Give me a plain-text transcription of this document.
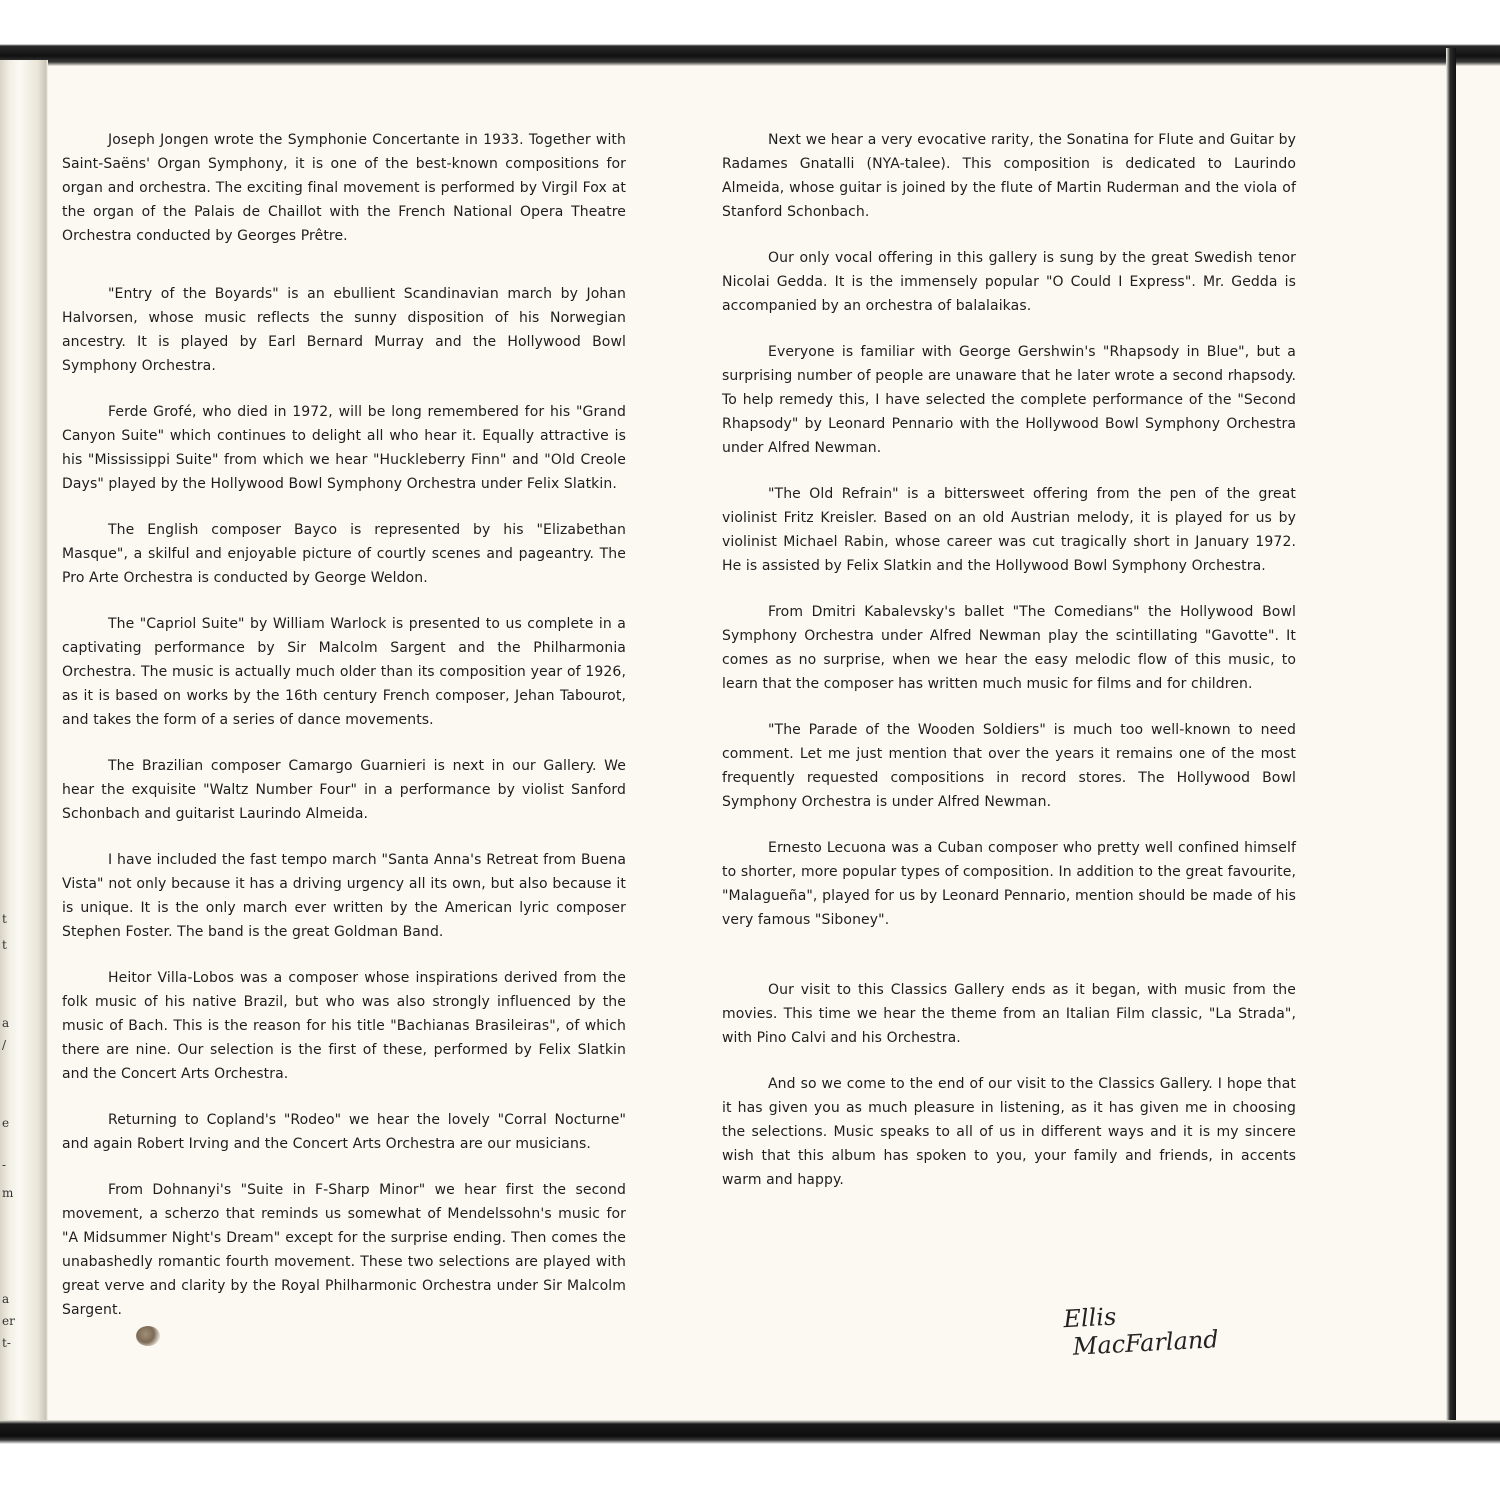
t
t
a
/
e
-
m
a
er
t-

Joseph Jongen wrote the Symphonie Concertante in 1933. Together with Saint-Saëns' Organ Symphony, it is one of the best-known compositions for organ and orchestra. The exciting final movement is performed by Virgil Fox at the organ of the Palais de Chaillot with the French National Opera Theatre Orchestra conducted by Georges Prêtre.

"Entry of the Boyards" is an ebullient Scandinavian march by Johan Halvorsen, whose music reflects the sunny disposition of his Norwegian ancestry. It is played by Earl Bernard Murray and the Hollywood Bowl Symphony Orchestra.

Ferde Grofé, who died in 1972, will be long remembered for his "Grand Canyon Suite" which continues to delight all who hear it. Equally attractive is his "Mississippi Suite" from which we hear "Huckleberry Finn" and "Old Creole Days" played by the Hollywood Bowl Symphony Orchestra under Felix Slatkin.

The English composer Bayco is represented by his "Elizabethan Masque", a skilful and enjoyable picture of courtly scenes and pageantry. The Pro Arte Orchestra is conducted by George Weldon.

The "Capriol Suite" by William Warlock is presented to us complete in a captivating performance by Sir Malcolm Sargent and the Philharmonia Orchestra. The music is actually much older than its composition year of 1926, as it is based on works by the 16th century French composer, Jehan Tabourot, and takes the form of a series of dance movements.

The Brazilian composer Camargo Guarnieri is next in our Gallery. We hear the exquisite "Waltz Number Four" in a performance by violist Sanford Schonbach and guitarist Laurindo Almeida.

I have included the fast tempo march "Santa Anna's Retreat from Buena Vista" not only because it has a driving urgency all its own, but also because it is unique. It is the only march ever written by the American lyric composer Stephen Foster. The band is the great Goldman Band.

Heitor Villa-Lobos was a composer whose inspirations derived from the folk music of his native Brazil, but who was also strongly influenced by the music of Bach. This is the reason for his title "Bachianas Brasileiras", of which there are nine. Our selection is the first of these, performed by Felix Slatkin and the Concert Arts Orchestra.

Returning to Copland's "Rodeo" we hear the lovely "Corral Nocturne" and again Robert Irving and the Concert Arts Orchestra are our musicians.

From Dohnanyi's "Suite in F-Sharp Minor" we hear first the second movement, a scherzo that reminds us somewhat of Mendelssohn's music for "A Midsummer Night's Dream" except for the surprise ending. Then comes the unabashedly romantic fourth movement. These two selections are played with great verve and clarity by the Royal Philharmonic Orchestra under Sir Malcolm Sargent.

Next we hear a very evocative rarity, the Sonatina for Flute and Guitar by Radames Gnatalli (NYA-talee). This composition is dedicated to Laurindo Almeida, whose guitar is joined by the flute of Martin Ruderman and the viola of Stanford Schonbach.

Our only vocal offering in this gallery is sung by the great Swedish tenor Nicolai Gedda. It is the immensely popular "O Could I Express". Mr. Gedda is accompanied by an orchestra of balalaikas.

Everyone is familiar with George Gershwin's "Rhapsody in Blue", but a surprising number of people are unaware that he later wrote a second rhapsody. To help remedy this, I have selected the complete performance of the "Second Rhapsody" by Leonard Pennario with the Hollywood Bowl Symphony Orchestra under Alfred Newman.

"The Old Refrain" is a bittersweet offering from the pen of the great violinist Fritz Kreisler. Based on an old Austrian melody, it is played for us by violinist Michael Rabin, whose career was cut tragically short in January 1972. He is assisted by Felix Slatkin and the Hollywood Bowl Symphony Orchestra.

From Dmitri Kabalevsky's ballet "The Comedians" the Hollywood Bowl Symphony Orchestra under Alfred Newman play the scintillating "Gavotte". It comes as no surprise, when we hear the easy melodic flow of this music, to learn that the composer has written much music for films and for children.

"The Parade of the Wooden Soldiers" is much too well-known to need comment. Let me just mention that over the years it remains one of the most frequently requested compositions in record stores. The Hollywood Bowl Symphony Orchestra is under Alfred Newman.

Ernesto Lecuona was a Cuban composer who pretty well confined himself to shorter, more popular types of composition. In addition to the great favourite, "Malagueña", played for us by Leonard Pennario, mention should be made of his very famous "Siboney".

Our visit to this Classics Gallery ends as it began, with music from the movies. This time we hear the theme from an Italian Film classic, "La Strada", with Pino Calvi and his Orchestra.

And so we come to the end of our visit to the Classics Gallery. I hope that it has given you as much pleasure in listening, as it has given me in choosing the selections. Music speaks to all of us in different ways and it is my sincere wish that this album has spoken to you, your family and friends, in accents warm and happy.

Ellis
MacFarland
